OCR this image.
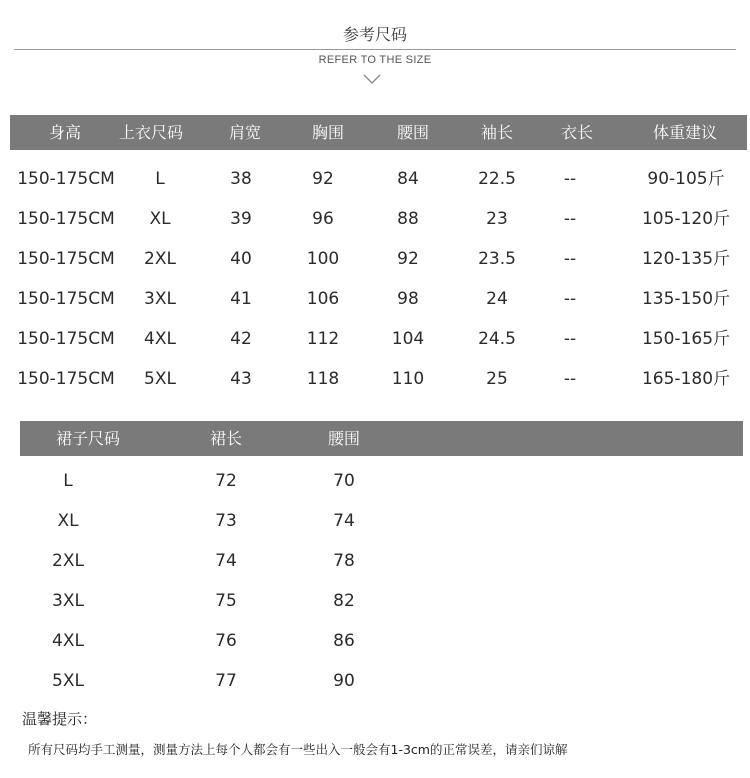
参考尺码
REFER TO THE SIZE
身高	上衣尺码	肩宽	胸围	腰围	袖长	衣长	体重建议
150-175CM	L	38	92	84	22.5	--	90-105斤
150-175CM	XL	39	96	88	23	--	105-120斤
150-175CM	2XL	40	100	92	23.5	--	120-135斤
150-175CM	3XL	41	106	98	24	--	135-150斤
150-175CM	4XL	42	112	104	24.5	--	150-165斤
150-175CM	5XL	43	118	110	25	--	165-180斤
裙子尺码	裙长	腰围
L	72	70
XL	73	74
2XL	74	78
3XL	75	82
4XL	76	86
5XL	77	90
温馨提示：
所有尺码均手工测量，测量方法上每个人都会有一些出入一般会有1-3cm的正常误差，请亲们谅解
